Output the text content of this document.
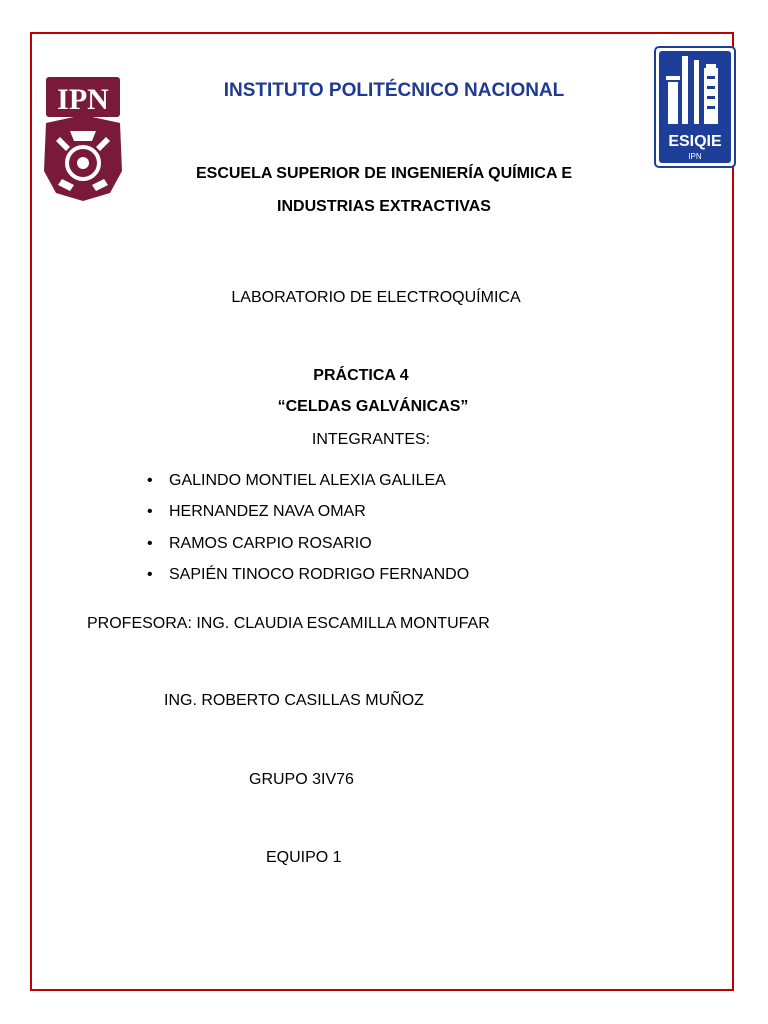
IPN
ESIQIE
IPN
INSTITUTO POLITÉCNICO NACIONAL
ESCUELA SUPERIOR DE INGENIERÍA QUÍMICA E
INDUSTRIAS EXTRACTIVAS
LABORATORIO DE ELECTROQUÍMICA
PRÁCTICA 4
“CELDAS GALVÁNICAS”
INTEGRANTES:
• GALINDO MONTIEL ALEXIA GALILEA
• HERNANDEZ NAVA OMAR
• RAMOS CARPIO ROSARIO
• SAPIÉN TINOCO RODRIGO FERNANDO
PROFESORA: ING. CLAUDIA ESCAMILLA MONTUFAR
ING. ROBERTO CASILLAS MUÑOZ
GRUPO 3IV76
EQUIPO 1
